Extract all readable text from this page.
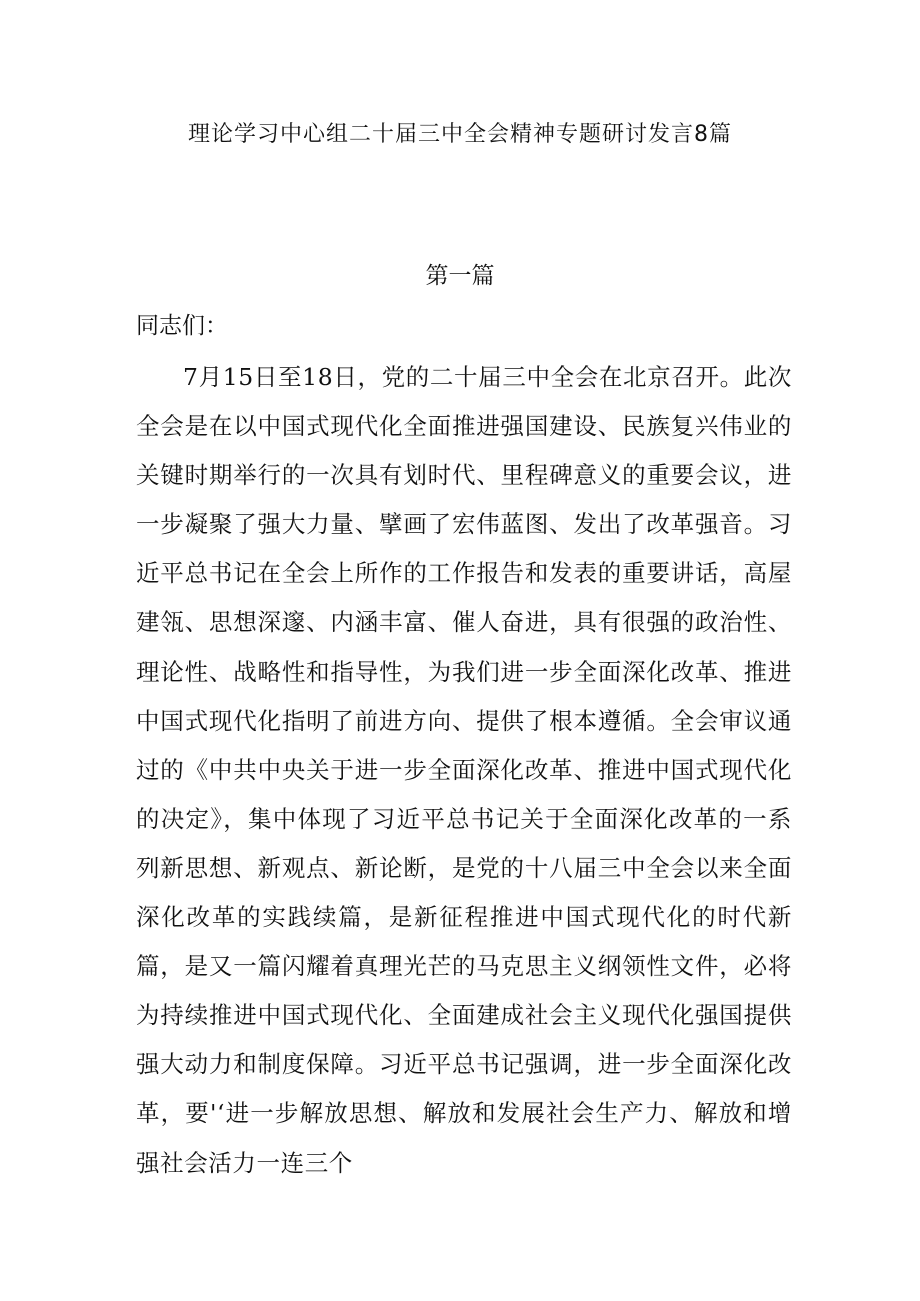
理论学习中心组二十届三中全会精神专题研讨发言8篇
第一篇

同志们：

7月15日至18日，党的二十届三中全会在北京召开。此次全会是在以中国式现代化全面推进强国建设、民族复兴伟业的关键时期举行的一次具有划时代、里程碑意义的重要会议，进一步凝聚了强大力量、擘画了宏伟蓝图、发出了改革强音。习近平总书记在全会上所作的工作报告和发表的重要讲话，高屋建瓴、思想深邃、内涵丰富、催人奋进，具有很强的政治性、理论性、战略性和指导性，为我们进一步全面深化改革、推进中国式现代化指明了前进方向、提供了根本遵循。全会审议通过的《中共中央关于进一步全面深化改革、推进中国式现代化的决定》，集中体现了习近平总书记关于全面深化改革的一系列新思想、新观点、新论断，是党的十八届三中全会以来全面深化改革的实践续篇，是新征程推进中国式现代化的时代新篇，是又一篇闪耀着真理光芒的马克思主义纲领性文件，必将为持续推进中国式现代化、全面建成社会主义现代化强国提供强大动力和制度保障。习近平总书记强调，进一步全面深化改革，要'‘进一步解放思想、解放和发展社会生产力、解放和增强社会活力一连三个
